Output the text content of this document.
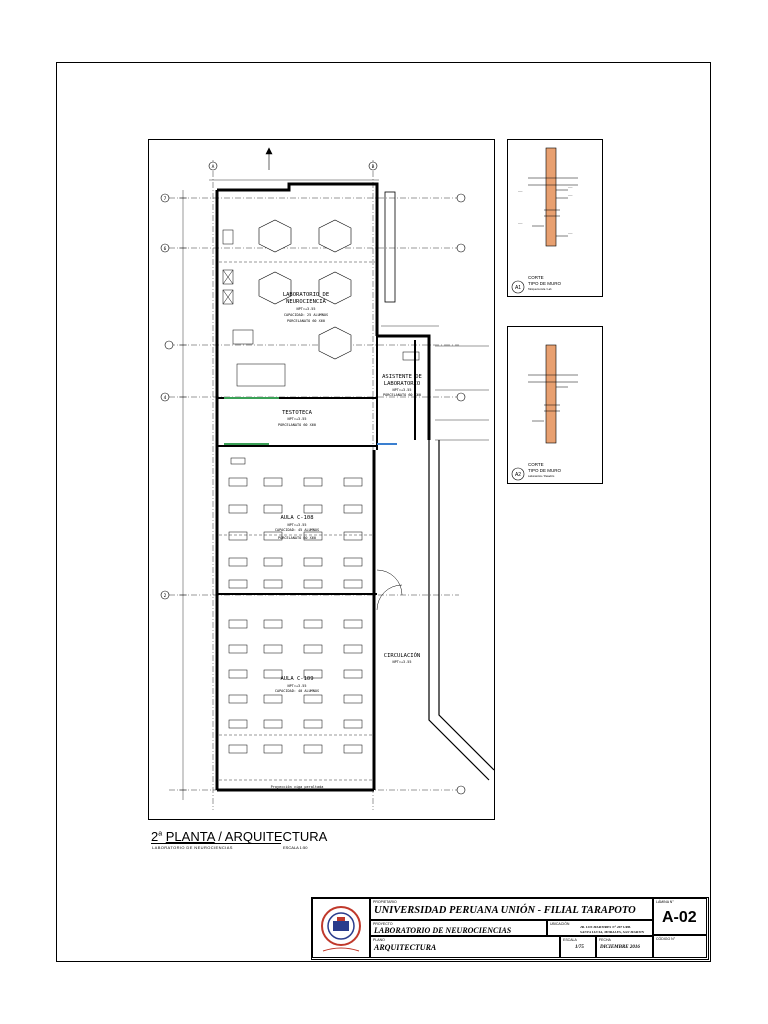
A	B
7
6
4
2
LABORATORIO DE
NEUROCIENCIA
NPT=+3.55
CAPACIDAD: 25 ALUMNOS
PORCELANATO 60 X60
ASISTENTE DE
LABORATORIO
NPT=+3.55
PORCELANATO 60 X60
TESTOTECA
NPT=+3.55
PORCELANATO 60 X60
AULA C-108
NPT=+3.55
CAPACIDAD: 45 ALUMNOS
PORCELANATO 60 X60
AULA C-109
NPT=+3.55
CAPACIDAD: 40 ALUMNOS
CIRCULACIÓN
NPT=+3.55
Proyección viga peraltada
———
———
———
———
———
A1
CORTE
TIPO DE MURO
Tabiquería Aula / Lab
A2
CORTE
TIPO DE MURO
Laboratorios / Pasadizo
2$^a$ PLANTA / ARQUITECTURA
LABORATORIO DE NEUROCIENCIAS	ESCALA 1:50
PROPIETARIO
UNIVERSIDAD PERUANA UNIÓN - FILIAL TARAPOTO
LÁMINA N°
A-02
PROYECTO
LABORATORIO DE NEUROCIENCIAS
UBICACIÓN
JR. LOS MARTIRES N° 267 URB.
SANTA LUCIA, MORALES, SAN MARTIN
PLANO
ARQUITECTURA
ESCALA
1/75
FECHA
DICIEMBRE 2016
CÓDIGO N°
